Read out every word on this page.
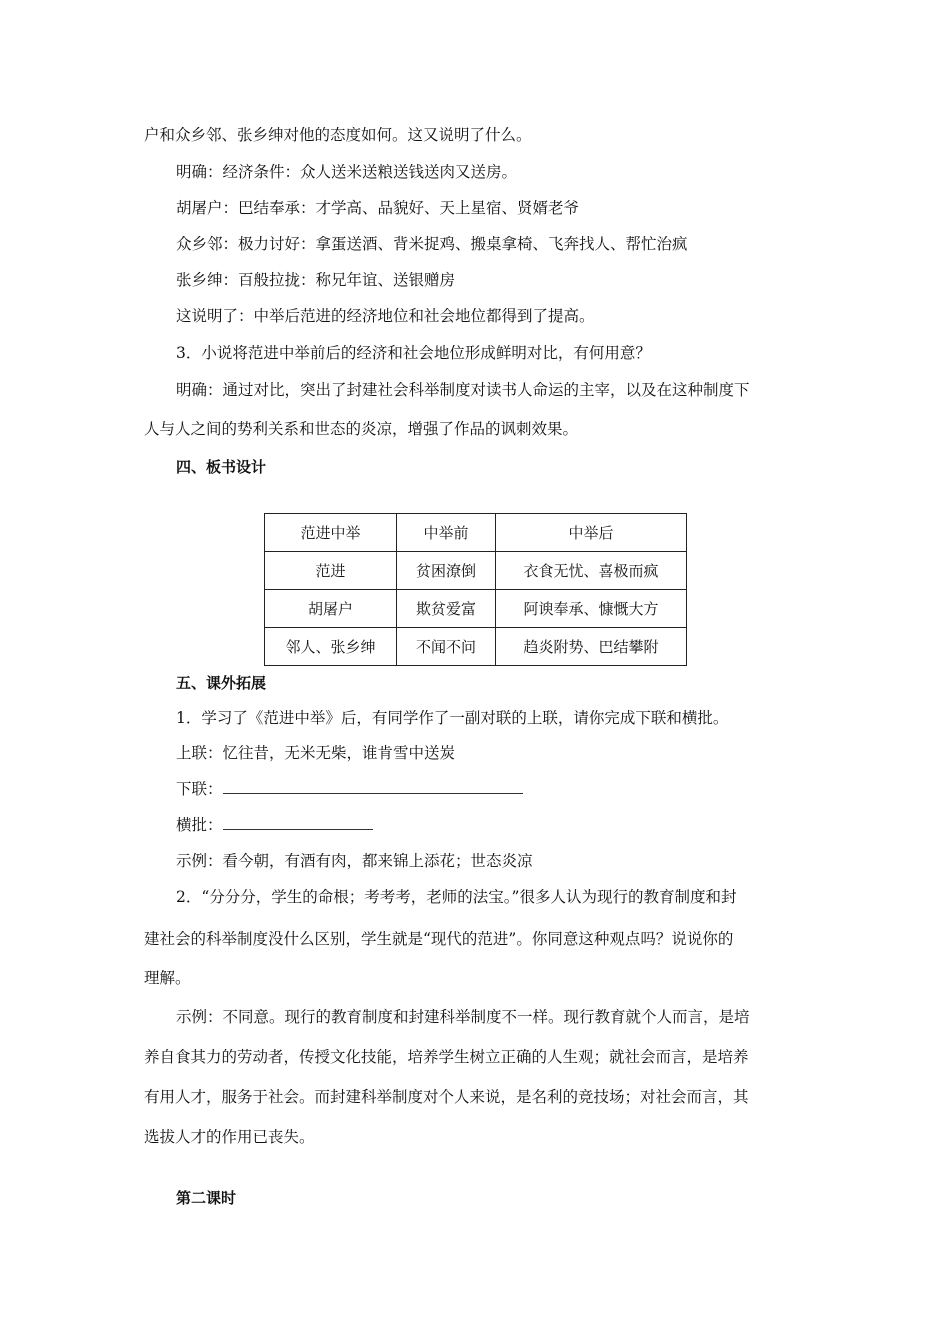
户和众乡邻、张乡绅对他的态度如何。这又说明了什么。
明确：经济条件：众人送米送粮送钱送肉又送房。
胡屠户：巴结奉承：才学高、品貌好、天上星宿、贤婿老爷
众乡邻：极力讨好：拿蛋送酒、背米捉鸡、搬桌拿椅、飞奔找人、帮忙治疯
张乡绅：百般拉拢：称兄年谊、送银赠房
这说明了：中举后范进的经济地位和社会地位都得到了提高。
3．小说将范进中举前后的经济和社会地位形成鲜明对比，有何用意？
明确：通过对比，突出了封建社会科举制度对读书人命运的主宰，以及在这种制度下
人与人之间的势利关系和世态的炎凉，增强了作品的讽刺效果。
四、板书设计
范进中举	中举前	中举后
范进	贫困潦倒	衣食无忧、喜极而疯
胡屠户	欺贫爱富	阿谀奉承、慷慨大方
邻人、张乡绅	不闻不问	趋炎附势、巴结攀附
五、课外拓展
1．学习了《范进中举》后，有同学作了一副对联的上联，请你完成下联和横批。
上联：忆往昔，无米无柴，谁肯雪中送炭
下联：
横批：
示例：看今朝，有酒有肉，都来锦上添花；世态炎凉
2．“分分分，学生的命根；考考考，老师的法宝。”很多人认为现行的教育制度和封
建社会的科举制度没什么区别，学生就是“现代的范进”。你同意这种观点吗？说说你的
理解。
示例：不同意。现行的教育制度和封建科举制度不一样。现行教育就个人而言，是培
养自食其力的劳动者，传授文化技能，培养学生树立正确的人生观；就社会而言，是培养
有用人才，服务于社会。而封建科举制度对个人来说，是名利的竞技场；对社会而言，其
选拔人才的作用已丧失。
第二课时
